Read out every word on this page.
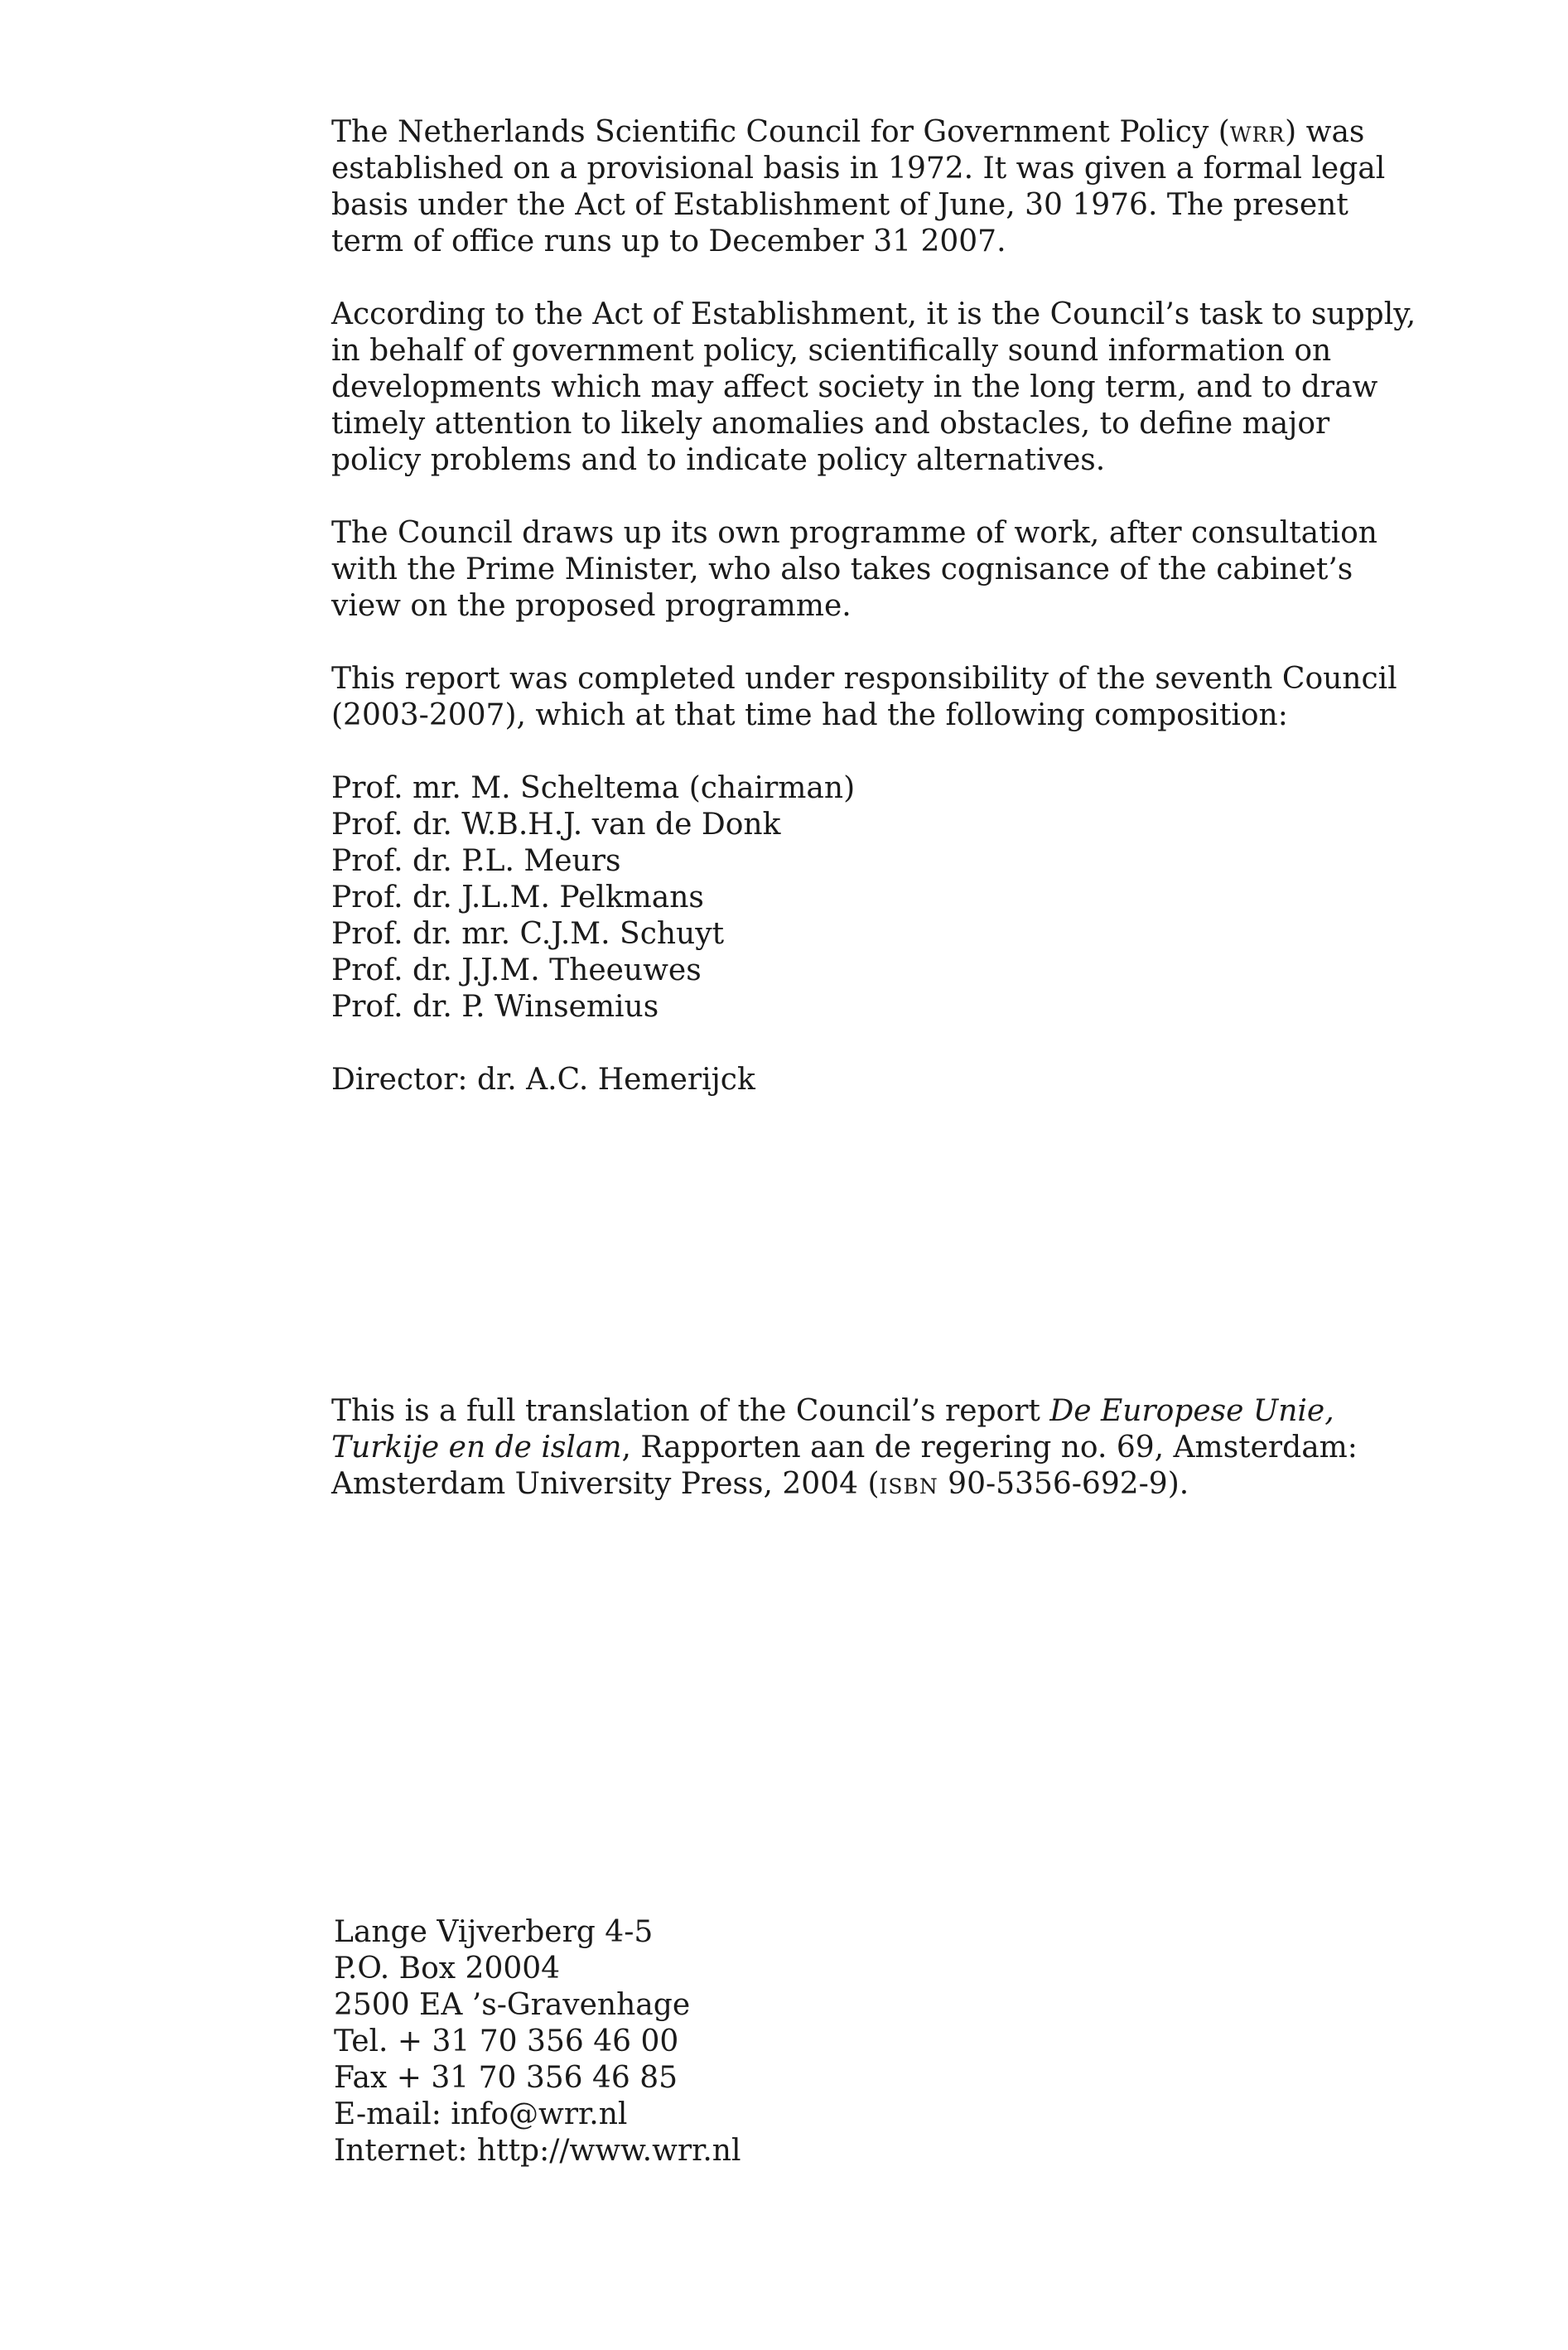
The Netherlands Scientific Council for Government Policy (wrr) was established on a provisional basis in 1972. It was given a formal legal basis under the Act of Establishment of June, 30 1976. The present term of office runs up to December 31 2007.

According to the Act of Establishment, it is the Council’s task to supply, in behalf of government policy, scientifically sound information on developments which may affect society in the long term, and to draw timely attention to likely anomalies and obstacles, to define major policy problems and to indicate policy alternatives.

The Council draws up its own programme of work, after consultation with the Prime Minister, who also takes cognisance of the cabinet’s view on the proposed programme.

This report was completed under responsibility of the seventh Council (2003-2007), which at that time had the following composition:

Prof. mr. M. Scheltema (chairman)
Prof. dr. W.B.H.J. van de Donk
Prof. dr. P.L. Meurs
Prof. dr. J.L.M. Pelkmans
Prof. dr. mr. C.J.M. Schuyt
Prof. dr. J.J.M. Theeuwes
Prof. dr. P. Winsemius

Director: dr. A.C. Hemerijck

This is a full translation of the Council’s report De Europese Unie, Turkije en de islam, Rapporten aan de regering no. 69, Amsterdam: Amsterdam University Press, 2004 (isbn 90-5356-692-9).

Lange Vijverberg 4-5
P.O. Box 20004
2500 EA ’s-Gravenhage
Tel. + 31 70 356 46 00
Fax + 31 70 356 46 85
E-mail: info@wrr.nl
Internet: http://www.wrr.nl
